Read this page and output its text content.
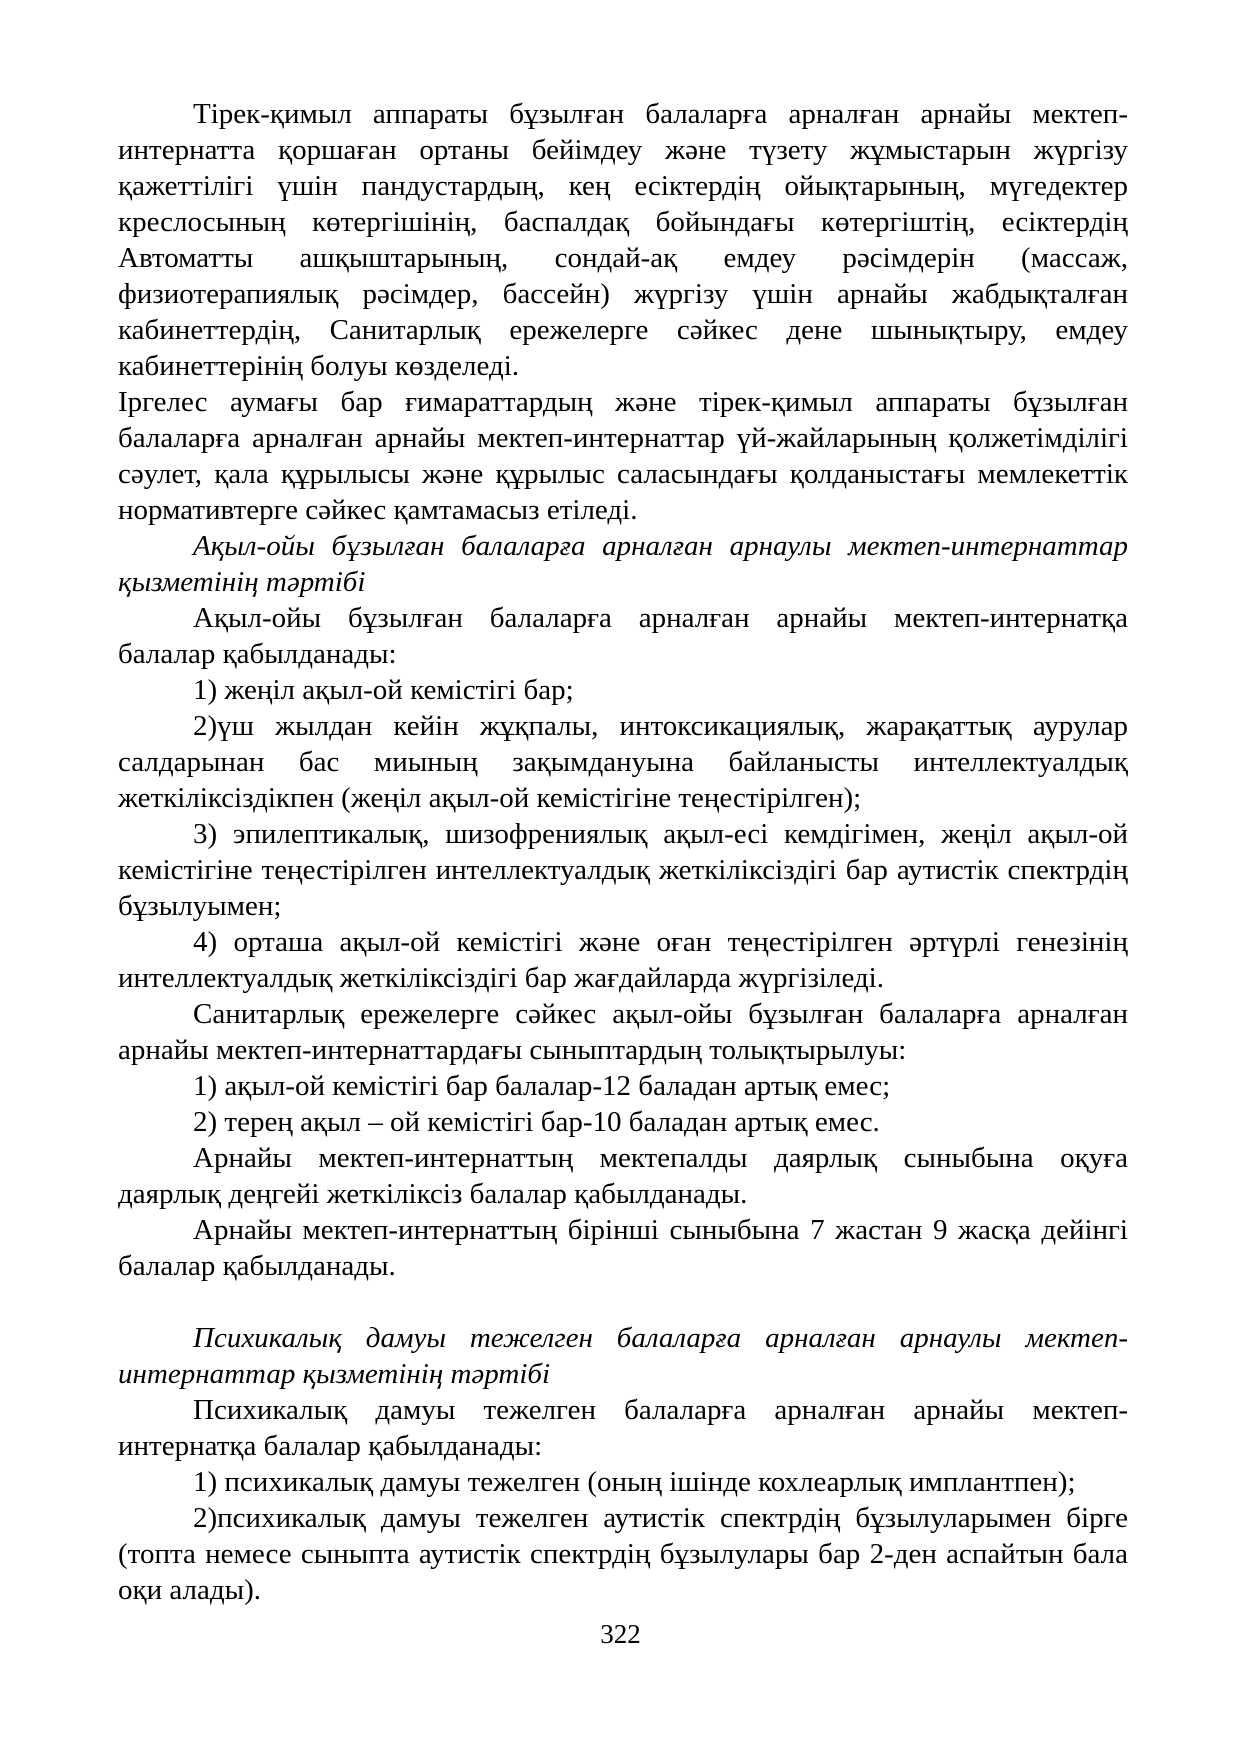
Тірек-қимыл аппараты бұзылған балаларға арналған арнайы мектеп-интернатта қоршаған ортаны бейімдеу және түзету жұмыстарын жүргізу қажеттілігі үшін пандустардың, кең есіктердің ойықтарының, мүгедектер креслосының көтергішінің, баспалдақ бойындағы көтергіштің, есіктердің Автоматты ашқыштарының, сондай-ақ емдеу рәсімдерін (массаж, физиотерапиялық рәсімдер, бассейн) жүргізу үшін арнайы жабдықталған кабинеттердің, Санитарлық ережелерге сәйкес дене шынықтыру, емдеу кабинеттерінің болуы көзделеді.

Іргелес аумағы бар ғимараттардың және тірек-қимыл аппараты бұзылған балаларға арналған арнайы мектеп-интернаттар үй-жайларының қолжетімділігі сәулет, қала құрылысы және құрылыс саласындағы қолданыстағы мемлекеттік нормативтерге сәйкес қамтамасыз етіледі.

Ақыл-ойы бұзылған балаларға арналған арнаулы мектеп-интернаттар қызметінің тәртібі

Ақыл-ойы бұзылған балаларға арналған арнайы мектеп-интернатқа балалар қабылданады:

1) жеңіл ақыл-ой кемістігі бар;

2)үш жылдан кейін жұқпалы, интоксикациялық, жарақаттық аурулар салдарынан бас миының зақымдануына байланысты интеллектуалдық жеткіліксіздікпен (жеңіл ақыл-ой кемістігіне теңестірілген);

3) эпилептикалық, шизофрениялық ақыл-есі кемдігімен, жеңіл ақыл-ой кемістігіне теңестірілген интеллектуалдық жеткіліксіздігі бар аутистік спектрдің бұзылуымен;

4) орташа ақыл-ой кемістігі және оған теңестірілген әртүрлі генезінің интеллектуалдық жеткіліксіздігі бар жағдайларда жүргізіледі.

Санитарлық ережелерге сәйкес ақыл-ойы бұзылған балаларға арналған арнайы мектеп-интернаттардағы сыныптардың толықтырылуы:

1) ақыл-ой кемістігі бар балалар-12 баладан артық емес;

2) терең ақыл – ой кемістігі бар-10 баладан артық емес.

Арнайы мектеп-интернаттың мектепалды даярлық сыныбына оқуға даярлық деңгейі жеткіліксіз балалар қабылданады.

Арнайы мектеп-интернаттың бірінші сыныбына 7 жастан 9 жасқа дейінгі балалар қабылданады.

Психикалық дамуы тежелген балаларға арналған арнаулы мектеп-интернаттар қызметінің тәртібі

Психикалық дамуы тежелген балаларға арналған арнайы мектеп-интернатқа балалар қабылданады:

1) психикалық дамуы тежелген (оның ішінде кохлеарлық имплантпен);

2)психикалық дамуы тежелген аутистік спектрдің бұзылуларымен бірге (топта немесе сыныпта аутистік спектрдің бұзылулары бар 2-ден аспайтын бала оқи алады).

322
